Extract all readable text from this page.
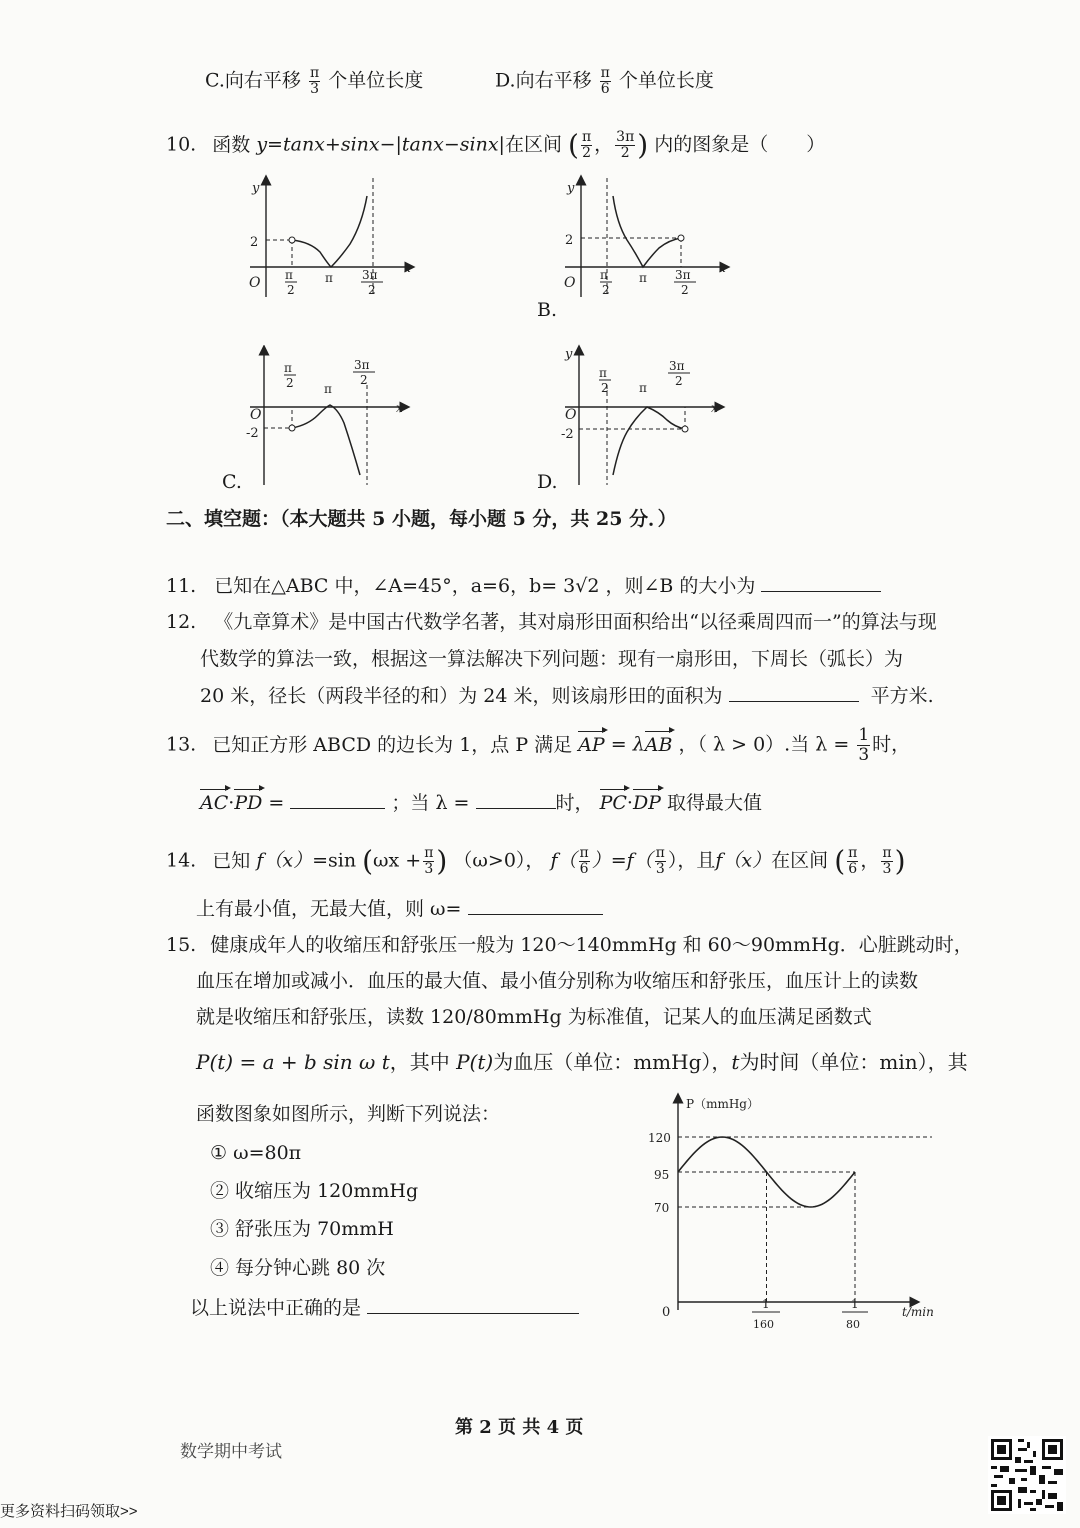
C.向右平移 $\frac{\pi}{3}$ 个单位长度	D.向右平移 $\frac{\pi}{6}$ 个单位长度
10. 函数 y=tanx+sinx−|tanx−sinx|在区间 ( $\frac{\pi}{2}$ ， $\frac{3\pi}{2}$ ) 内的图象是（　　）
y
x
O
2
π
2
π 3π
2
y
x
O
2
π
2
π 3π
2
B.
x
O
-2
π
2	π
3π
2
C.
y
x
O
-2
π
2	π
3π
2
D.
二、填空题：（本大题共 5 小题，每小题 5 分，共 25 分．）
11. 已知在△ABC 中，∠A=45°，a=6，b= 3√2 ，则∠B 的大小为
12. 《九章算术》是中国古代数学名著，其对扇形田面积给出“以径乘周四而一”的算法与现
代数学的算法一致，根据这一算法解决下列问题：现有一扇形田，下周长（弧长）为
20 米，径长（两段半径的和）为 24 米，则该扇形田的面积为	平方米.
13. 已知正方形 ABCD 的边长为 1，点 P 满足 AP = λAB ，（ λ > 0）.当 $\lambda = \frac{1}{3}$ 时，
AC·PD =	；当 λ =	时， PC·DP 取得最大值
14. 已知 f（x）=sin ($\omega x + \frac{\pi}{3}$ ) （ω>0）， $f( \frac{\pi}{6} )=f( \frac{\pi}{3}$ ），且f（x）在区间 ( $\frac{\pi}{6}$ ， $\frac{\pi}{3}$ )
上有最小值，无最大值，则 ω=
15. 健康成年人的收缩压和舒张压一般为 120～140mmHg 和 60～90mmHg．心脏跳动时，
血压在增加或减小．血压的最大值、最小值分别称为收缩压和舒张压，血压计上的读数
就是收缩压和舒张压，读数 120/80mmHg 为标准值，记某人的血压满足函数式
P(t) = a + b sin ω t，其中 P(t)为血压（单位：mmHg），t为时间（单位：min），其
函数图象如图所示，判断下列说法：
① ω=80π
② 收缩压为 120mmHg
③ 舒张压为 70mmH
④ 每分钟心跳 80 次
以上说法中正确的是
P（mmHg）
t/min
0
120
95
70
1
160
1
80
第 2 页 共 4 页
数学期中考试
更多资料扫码领取>>
